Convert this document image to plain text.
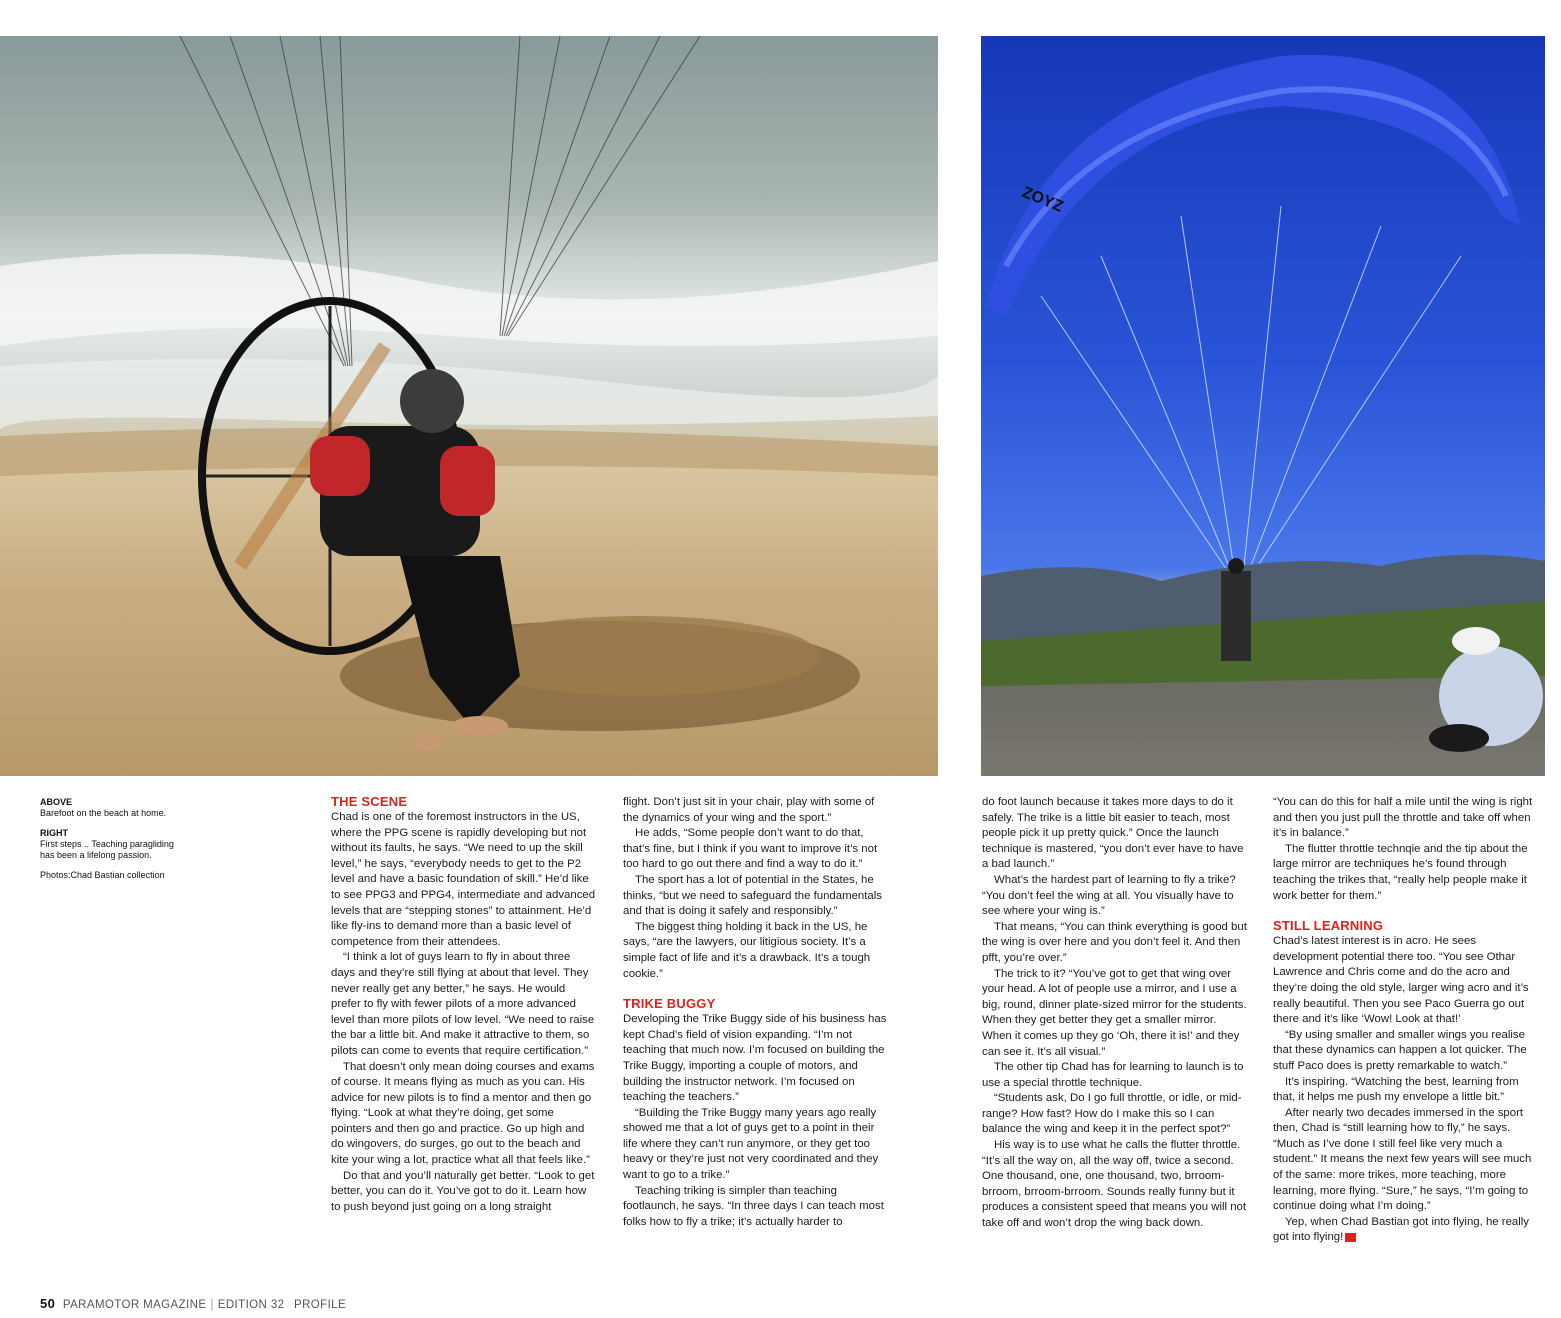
ZOYZ

ABOVE
Barefoot on the beach at home.

RIGHT
First steps .. Teaching paragliding has been a lifelong passion.

Photos:Chad Bastian collection

THE SCENE

Chad is one of the foremost instructors in the US, where the PPG scene is rapidly developing but not without its faults, he says. “We need to up the skill level,” he says, “everybody needs to get to the P2 level and have a basic foundation of skill.” He’d like to see PPG3 and PPG4, intermediate and advanced levels that are “stepping stones” to attainment. He’d like fly-ins to demand more than a basic level of competence from their attendees.

“I think a lot of guys learn to fly in about three days and they’re still flying at about that level. They never really get any better,” he says. He would prefer to fly with fewer pilots of a more advanced level than more pilots of low level. “We need to raise the bar a little bit. And make it attractive to them, so pilots can come to events that require certification.”

That doesn’t only mean doing courses and exams of course. It means flying as much as you can. His advice for new pilots is to find a mentor and then go flying. “Look at what they’re doing, get some pointers and then go and practice. Go up high and do wingovers, do surges, go out to the beach and kite your wing a lot, practice what all that feels like.”

Do that and you’ll naturally get better. “Look to get better, you can do it. You’ve got to do it. Learn how to push beyond just going on a long straight

flight. Don’t just sit in your chair, play with some of the dynamics of your wing and the sport.”

He adds, “Some people don’t want to do that, that’s fine, but I think if you want to improve it’s not too hard to go out there and find a way to do it.”

The sport has a lot of potential in the States, he thinks, “but we need to safeguard the fundamentals and that is doing it safely and responsibly.”

The biggest thing holding it back in the US, he says, “are the lawyers, our litigious society. It’s a simple fact of life and it’s a drawback. It’s a tough cookie.”

TRIKE BUGGY

Developing the Trike Buggy side of his business has kept Chad’s field of vision expanding. “I’m not teaching that much now. I’m focused on building the Trike Buggy, importing a couple of motors, and building the instructor network. I’m focused on teaching the teachers.”

“Building the Trike Buggy many years ago really showed me that a lot of guys get to a point in their life where they can’t run anymore, or they get too heavy or they’re just not very coordinated and they want to go to a trike.”

Teaching triking is simpler than teaching footlaunch, he says. “In three days I can teach most folks how to fly a trike; it’s actually harder to

do foot launch because it takes more days to do it safely. The trike is a little bit easier to teach, most people pick it up pretty quick.” Once the launch technique is mastered, “you don’t ever have to have a bad launch.”

What’s the hardest part of learning to fly a trike? “You don’t feel the wing at all. You visually have to see where your wing is.”

That means, “You can think everything is good but the wing is over here and you don’t feel it. And then pfft, you’re over.”

The trick to it? “You’ve got to get that wing over your head. A lot of people use a mirror, and I use a big, round, dinner plate-sized mirror for the students. When they get better they get a smaller mirror. When it comes up they go ‘Oh, there it is!’ and they can see it. It’s all visual.”

The other tip Chad has for learning to launch is to use a special throttle technique.

“Students ask, Do I go full throttle, or idle, or mid-range? How fast? How do I make this so I can balance the wing and keep it in the perfect spot?”

His way is to use what he calls the flutter throttle. “It’s all the way on, all the way off, twice a second. One thousand, one, one thousand, two, brroom-brroom, brroom-brroom. Sounds really funny but it produces a consistent speed that means you will not take off and won’t drop the wing back down.

“You can do this for half a mile until the wing is right and then you just pull the throttle and take off when it’s in balance.”

The flutter throttle technqie and the tip about the large mirror are techniques he’s found through teaching the trikes that, “really help people make it work better for them.”

STILL LEARNING

Chad’s latest interest is in acro. He sees development potential there too. “You see Othar Lawrence and Chris come and do the acro and they’re doing the old style, larger wing acro and it’s really beautiful. Then you see Paco Guerra go out there and it’s like ‘Wow! Look at that!’

“By using smaller and smaller wings you realise that these dynamics can happen a lot quicker. The stuff Paco does is pretty remarkable to watch.”

It’s inspiring. “Watching the best, learning from that, it helps me push my envelope a little bit.”

After nearly two decades immersed in the sport then, Chad is “still learning how to fly,” he says. “Much as I’ve done I still feel like very much a student.” It means the next few years will see much of the same: more trikes, more teaching, more learning, more flying. “Sure,” he says, “I’m going to continue doing what I’m doing.”

Yep, when Chad Bastian got into flying, he really got into flying!

50 PARAMOTOR MAGAZINE | EDITION 32 PROFILE
